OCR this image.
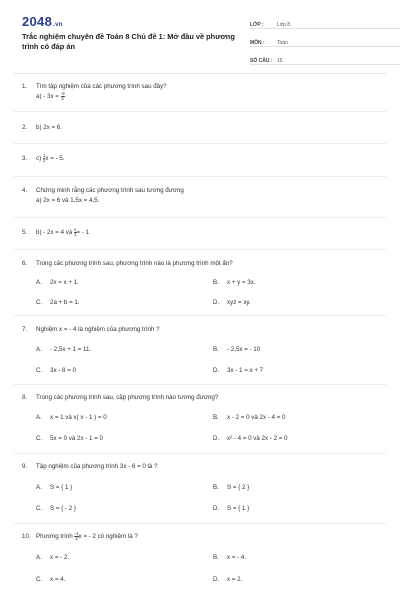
2048.vn
Trắc nghiệm chuyên đề Toán 8 Chủ đề 1: Mở đầu về phương trình có đáp án
LỚP :	Lớp 8
MÔN :	Toán
SỐ CÂU : 15
1. Tìm tập nghiệm của các phương trình sau đây?
$a) - 3x = \frac{-3}{2}$
2. b) 2x = 6.
3. $c) \frac{1}{2}$ x = - 5.
4. Chứng minh rằng các phương trình sau tương đương
a) 2x = 6 và 1,5x = 4,5.
5. b) - 2x = 4 và $\frac{x}{2}$ = - 1
6. Trong các phương trình sau, phương trình nào là phương trình một ẩn?
A. 2x = x + 1.	B. x + y = 3x.
C. 2a + b = 1.	D. xyz = xy.
7. Nghiệm x = - 4 là nghiệm của phương trình ?
A. - 2,5x + 1 = 11.	B. - 2,5x = - 10
C. 3x - 8 = 0	D. 3x - 1 = x + 7
8. Trong các phương trình sau, cặp phương trình nào tương đương?
A. x = 1 và x( x - 1 ) = 0	B. x - 2 = 0 và 2x - 4 = 0
C. 5x = 0 và 2x - 1 = 0	D. x² - 4 = 0 và 2x - 2 = 0
9. Tập nghiệm của phương trình 3x - 6 = 0 là ?
A. S = { 1 }	B. S = { 2 }
C. S = { - 2 }	D. S = { 1 }
10. Phương trình $\frac{-1}{2}$ x = - 2 có nghiệm là ?
A. x = - 2.	B. x = - 4.
C. x = 4.	D. x = 2.
